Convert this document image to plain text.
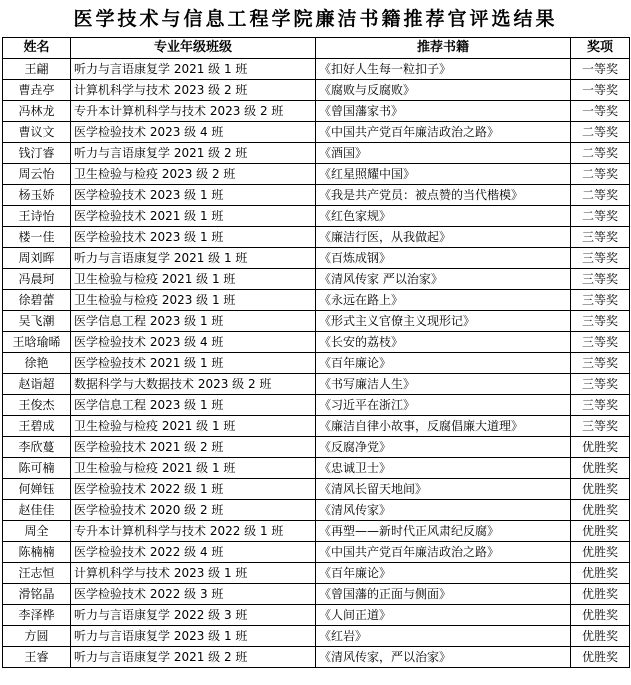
医学技术与信息工程学院廉洁书籍推荐官评选结果
姓名	专业年级班级	推荐书籍	奖项
王翩	听力与言语康复学 2021 级 1 班	《扣好人生每一粒扣子》	一等奖
曹垚亭	计算机科学与技术 2023 级 2 班	《腐败与反腐败》	一等奖
冯林龙	专升本计算机科学与技术 2023 级 2 班	《曾国藩家书》	一等奖
曹议文	医学检验技术 2023 级 4 班	《中国共产党百年廉洁政治之路》	二等奖
钱汀睿	听力与言语康复学 2021 级 2 班	《酒国》	二等奖
周云怡	卫生检验与检疫 2023 级 2 班	《红星照耀中国》	二等奖
杨玉娇	医学检验技术 2023 级 1 班	《我是共产党员：被点赞的当代楷模》	二等奖
王诗怡	医学检验技术 2021 级 1 班	《红色家规》	二等奖
楼一佳	医学检验技术 2023 级 1 班	《廉洁行医，从我做起》	三等奖
周刘晖	听力与言语康复学 2021 级 1 班	《百炼成钢》	三等奖
冯晨珂	卫生检验与检疫 2021 级 1 班	《清风传家 严以治家》	三等奖
徐碧蕾	卫生检验与检疫 2023 级 1 班	《永远在路上》	三等奖
吴飞潮	医学信息工程 2023 级 1 班	《形式主义官僚主义现形记》	三等奖
王晗瑜晞	医学检验技术 2023 级 4 班	《长安的荔枝》	三等奖
徐艳	医学检验技术 2021 级 1 班	《百年廉论》	三等奖
赵诣超	数据科学与大数据技术 2023 级 2 班	《书写廉洁人生》	三等奖
王俊杰	医学信息工程 2023 级 1 班	《习近平在浙江》	三等奖
王碧成	卫生检验与检疫 2021 级 1 班	《廉洁自律小故事，反腐倡廉大道理》	三等奖
李欣蔓	医学检验技术 2021 级 2 班	《反腐净党》	优胜奖
陈可楠	卫生检验与检疫 2021 级 1 班	《忠诚卫士》	优胜奖
何婵钰	医学检验技术 2022 级 1 班	《清风长留天地间》	优胜奖
赵佳佳	医学检验技术 2020 级 2 班	《清风传家》	优胜奖
周全	专升本计算机科学与技术 2022 级 1 班	《再塑——新时代正风肃纪反腐》	优胜奖
陈楠楠	医学检验技术 2022 级 4 班	《中国共产党百年廉洁政治之路》	优胜奖
汪志恒	计算机科学与技术 2023 级 1 班	《百年廉论》	优胜奖
滑铭晶	医学检验技术 2022 级 3 班	《曾国藩的正面与侧面》	优胜奖
李泽桦	听力与言语康复学 2022 级 3 班	《人间正道》	优胜奖
方圆	听力与言语康复学 2023 级 1 班	《红岩》	优胜奖
王睿	听力与言语康复学 2021 级 2 班	《清风传家，严以治家》	优胜奖
